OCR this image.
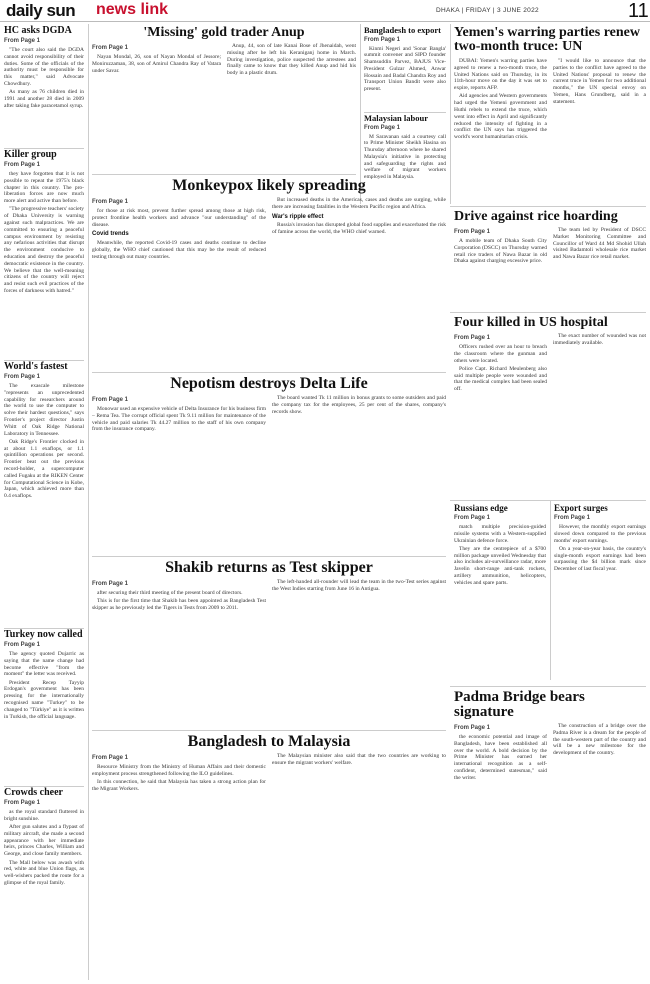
daily sun news link	DHAKA | FRIDAY | 3 JUNE 2022	11
HC asks DGDA
From Page 1

"The court also said the DGDA cannot avoid responsibility of their duties. Some of the officials of the authority must be responsible for this matter," said Advocate Chowdhury.

As many as 76 children died in 1991 and another 28 died in 2009 after taking fake paracetamol syrup.

Killer group
From Page 1

they have forgotten that it is not possible to repeat the 1975's black chapter in this country. The pro-liberation forces are now much more alert and active than before.

"The progressive teachers' society of Dhaka University is warning against such malpractices. We are committed to ensuring a peaceful campus environment by resisting any nefarious activities that disrupt the environment conducive to education and destroy the peaceful democratic existence in the country. We believe that the well-meaning citizens of the country will reject and resist such evil practices of the forces of darkness with hatred."

World's fastest
From Page 1

The exascale milestone "represents an unprecedented capability for researchers around the world to use the computer to solve their hardest questions," says Frontier's project director Justin Whitt of Oak Ridge National Laboratory in Tennessee.

Oak Ridge's Frontier clocked in at about 1.1 exaflops, or 1.1 quintillion operations per second. Frontier beat out the previous record-holder, a supercomputer called Fugaku at the RIKEN Center for Computational Science in Kobe, Japan, which achieved more than 0.4 exaflops.

Turkey now called
From Page 1

The agency quoted Dujarric as saying that the name change had become effective "from the moment" the letter was received.

President Recep Tayyip Erdogan's government has been pressing for the internationally recognised name "Turkey" to be changed to "Türkiye" as it is written in Turkish, the official language.

Crowds cheer
From Page 1

as the royal standard fluttered in bright sunshine.

After gun salutes and a flypast of military aircraft, she made a second appearance with her immediate heirs, princes Charles, William and George, and close family members.

The Mall below was awash with red, white and blue Union flags, as well-wishers packed the route for a glimpse of the royal family.

'Missing' gold trader Anup
From Page 1

Nayan Mondal, 26, son of Nayan Mondal of Jessore; Moniruzzaman, 38, son of Amirul Chandra Ray of Vatara under Savar.

Anup, 44, son of late Kanai Bose of Jhenaidah, went missing after he left his Keraniganj home in March. During investigation, police suspected the arrestees and finally came to know that they killed Anup and hid his body in a plastic drum.

Bangladesh to export
From Page 1

Kinmi Negeri and 'Sonar Bangla' summit convener and SIPD founder Shamsuddin Parvez, BAJUS Vice-President Gulzar Ahmed, Anwar Hossain and Badal Chandra Roy and Transport Union Bandit were also present.

Malaysian labour
From Page 1

M Saravanan said a courtesy call to Prime Minister Sheikh Hasina on Thursday afternoon where he shared Malaysia's initiative in protecting and safeguarding the rights and welfare of migrant workers employed in Malaysia.

Yemen's warring parties renew two-month truce: UN

DUBAI: Yemen's warring parties have agreed to renew a two-month truce, the United Nations said on Thursday, in its 11th-hour move on the day it was set to expire, reports AFP.

Aid agencies and Western governments had urged the Yemeni government and Huthi rebels to extend the truce, which went into effect in April and significantly reduced the intensity of fighting in a conflict the UN says has triggered the world's worst humanitarian crisis.

"I would like to announce that the parties to the conflict have agreed to the United Nations' proposal to renew the current truce in Yemen for two additional months," the UN special envoy on Yemen, Hans Grundberg, said in a statement.

Monkeypox likely spreading
From Page 1

for those at risk most, prevent further spread among those at high risk, protect frontline health workers and advance "our understanding" of the disease.

Covid trends

Meanwhile, the reported Covid-19 cases and deaths continue to decline globally, the WHO chief cautioned that this may be the result of reduced testing through out many countries.

But increased deaths in the Americas, cases and deaths are surging, while there are increasing fatalities in the Western Pacific region and Africa.

War's ripple effect

Russia's invasion has disrupted global food supplies and exacerbated the risk of famine across the world, the WHO chief warned.

Drive against rice hoarding
From Page 1

A mobile team of Dhaka South City Corporation (DSCC) on Thursday warned retail rice traders of Nawa Bazar in old Dhaka against charging excessive price.

The team led by President of DSCC Market Monitoring Committee and Councillor of Ward 44 Md Shohid Ullah visited Badamtoli wholesale rice market and Nawa Bazar rice retail market.

Nepotism destroys Delta Life
From Page 1

Monowar used an expensive vehicle of Delta Insurance for his business firm – Rema Tea. The corrupt official spent Tk 9.11 million for maintenance of the vehicle and paid salaries Tk 44.27 million to the staff of his own company from the insurance company.

The board wanted Tk 11 million in bonus grants to some outsiders and paid the company tax for the employees, 25 per cent of the shares, company's records show.

Four killed in US hospital
From Page 1

Officers rushed over an hour to breach the classroom where the gunman and others were located.

Police Capt. Richard Meulenberg also said multiple people were wounded and that the medical complex had been sealed off.

The exact number of wounded was not immediately available.

Shakib returns as Test skipper
From Page 1

after securing their third meeting of the present board of directors.

This is for the first time that Shakib has been appointed as Bangladesh Test skipper as he previously led the Tigers in Tests from 2009 to 2011.

The left-handed all-rounder will lead the team in the two-Test series against the West Indies starting from June 16 in Antigua.

Russians edge
From Page 1

match multiple precision-guided missile systems with a Western-supplied Ukrainian defence force.

They are the centrepiece of a $700 million package unveiled Wednesday that also includes air-surveillance radar, more Javelin short-range anti-tank rockets, artillery ammunition, helicopters, vehicles and spare parts.

Export surges
From Page 1

However, the monthly export earnings slowed down compared to the previous months' export earnings.

On a year-on-year basis, the country's single-month export earnings had been surpassing the $4 billion mark since December of last fiscal year.

Bangladesh to Malaysia
From Page 1

Resource Ministry from the Ministry of Human Affairs and their domestic employment process strengthened following the ILO guidelines.

In this connection, he said that Malaysia has taken a strong action plan for the Migrant Workers.

The Malaysian minister also said that the two countries are working to ensure the migrant workers' welfare.

Padma Bridge bears signature
From Page 1

the economic potential and image of Bangladesh, have been established all over the world. A bold decision by the Prime Minister has earned her international recognition as a self-confident, determined statesman," said the writer.

The construction of a bridge over the Padma River is a dream for the people of the south-western part of the country and will be a new milestone for the development of the country.
